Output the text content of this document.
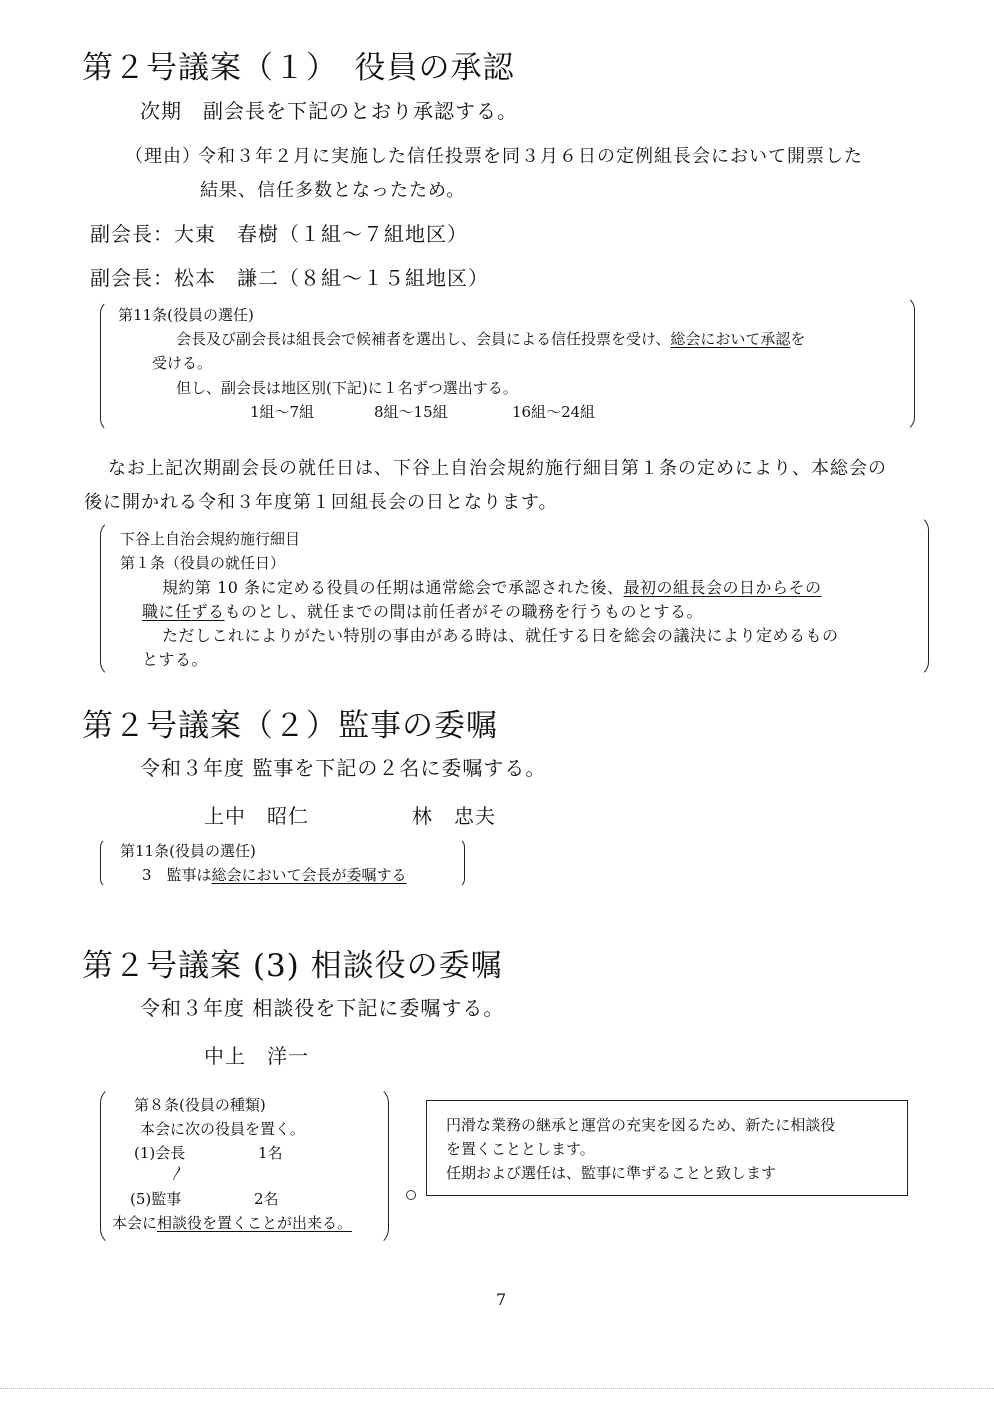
第２号議案（１）　役員の承認
次期　副会長を下記のとおり承認する。
（理由）
令和３年２月に実施した信任投票を同３月６日の定例組長会において開票した
結果、信任多数となったため。
副会長：大東　春樹（１組～７組地区）
副会長：松本　謙二（８組～１５組地区）
第11条(役員の選任)
会長及び副会長は組長会で候補者を選出し、会員による信任投票を受け、総会において承認を
受ける。
但し、副会長は地区別(下記)に１名ずつ選出する。
1組～7組	8組～15組	16組～24組
なお上記次期副会長の就任日は、下谷上自治会規約施行細目第１条の定めにより、本総会の
後に開かれる令和３年度第１回組長会の日となります。
下谷上自治会規約施行細目
第１条（役員の就任日）
規約第 10 条に定める役員の任期は通常総会で承認された後、最初の組長会の日からその
職に任ずるものとし、就任までの間は前任者がその職務を行うものとする。
ただしこれによりがたい特別の事由がある時は、就任する日を総会の議決により定めるもの
とする。
第２号議案（２）監事の委嘱
令和３年度 監事を下記の２名に委嘱する。
上中　昭仁	林　忠夫
第11条(役員の選任)
3　監事は総会において会長が委嘱する
第２号議案 (3) 相談役の委嘱
令和３年度 相談役を下記に委嘱する。
中上　洋一
第８条(役員の種類)
本会に次の役員を置く。
(1)会長	1名
〳
(5)監事	2名
本会に相談役を置くことが出来る。
円滑な業務の継承と運営の充実を図るため、新たに相談役
を置くこととします。
任期および選任は、監事に準ずることと致します
7
